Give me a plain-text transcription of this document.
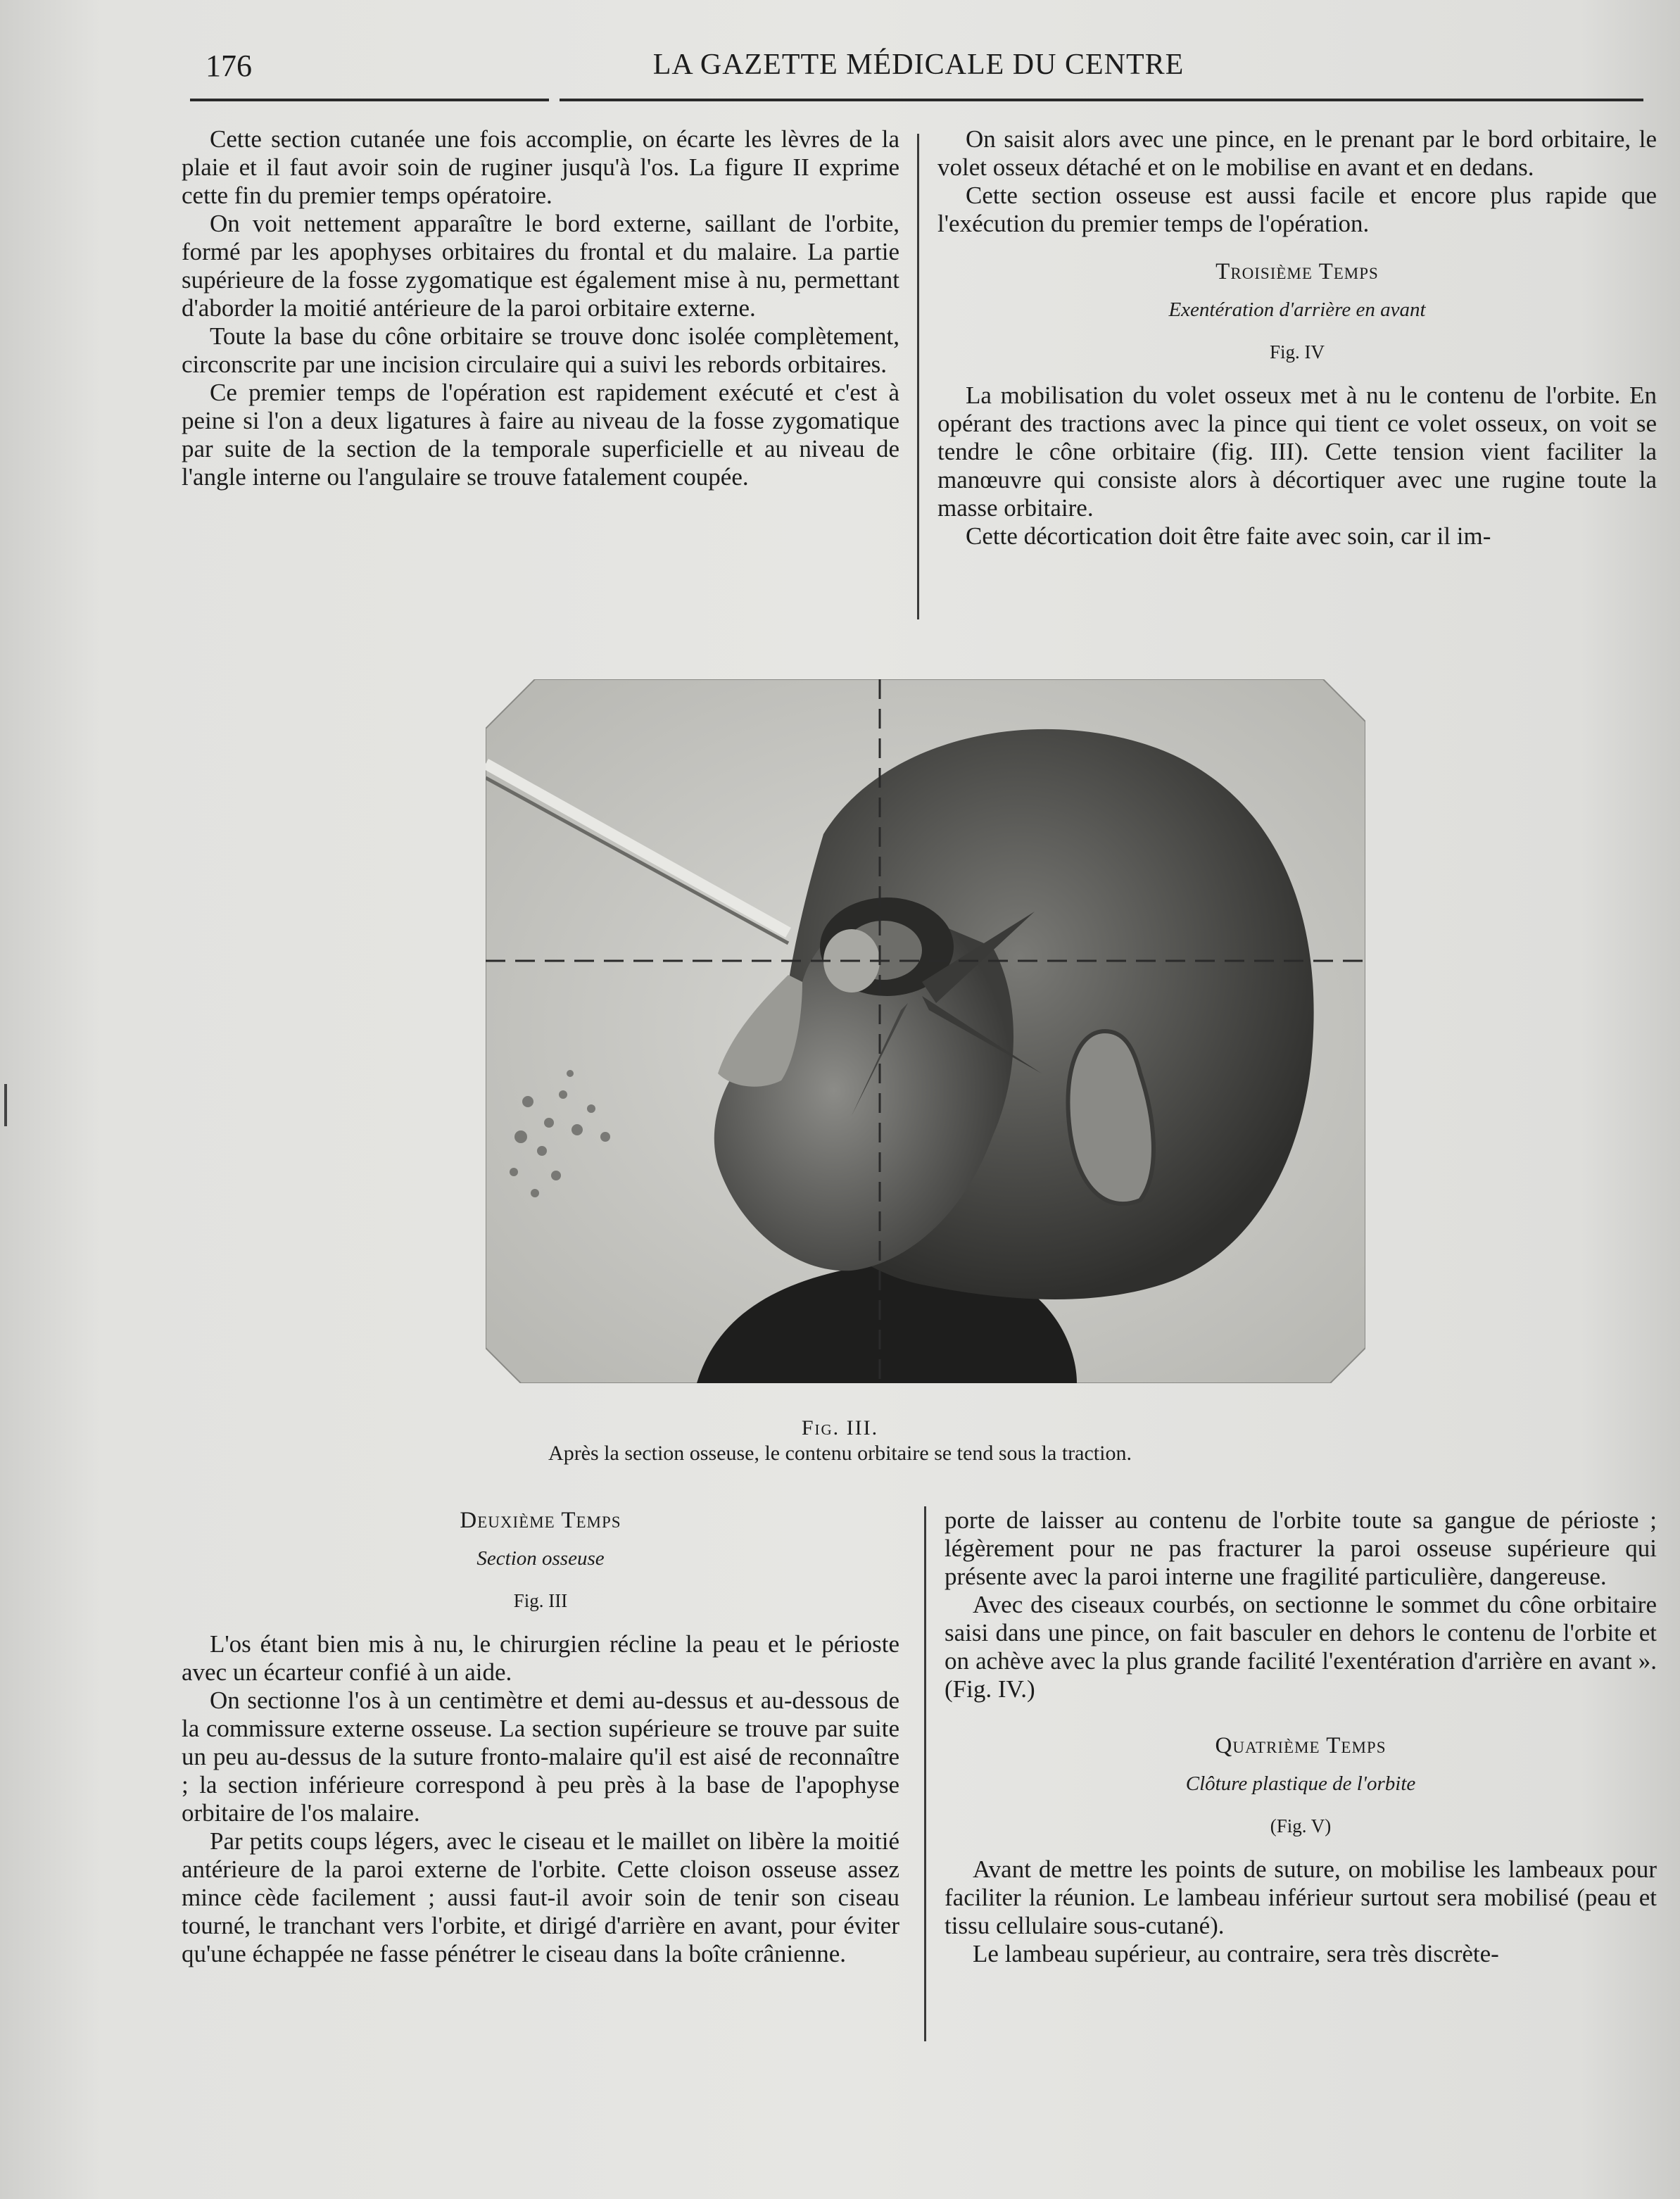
176	LA GAZETTE MÉDICALE DU CENTRE

Cette section cutanée une fois accomplie, on écarte les lèvres de la plaie et il faut avoir soin de ruginer jusqu'à l'os. La figure II exprime cette fin du premier temps opératoire.

On voit nettement apparaître le bord externe, saillant de l'orbite, formé par les apophyses orbitaires du frontal et du malaire. La partie supérieure de la fosse zygomatique est également mise à nu, permettant d'aborder la moitié antérieure de la paroi orbitaire externe.

Toute la base du cône orbitaire se trouve donc isolée complètement, circonscrite par une incision circulaire qui a suivi les rebords orbitaires.

Ce premier temps de l'opération est rapidement exécuté et c'est à peine si l'on a deux ligatures à faire au niveau de la fosse zygomatique par suite de la section de la temporale superficielle et au niveau de l'angle interne ou l'angulaire se trouve fatalement coupée.

On saisit alors avec une pince, en le prenant par le bord orbitaire, le volet osseux détaché et on le mobilise en avant et en dedans.

Cette section osseuse est aussi facile et encore plus rapide que l'exécution du premier temps de l'opération.

Troisième Temps
Exentération d'arrière en avant
Fig. IV

La mobilisation du volet osseux met à nu le contenu de l'orbite. En opérant des tractions avec la pince qui tient ce volet osseux, on voit se tendre le cône orbitaire (fig. III). Cette tension vient faciliter la manœuvre qui consiste alors à décortiquer avec une rugine toute la masse orbitaire.

Cette décortication doit être faite avec soin, car il im-

Fig. III.
Après la section osseuse, le contenu orbitaire se tend sous la traction.
Deuxième Temps
Section osseuse
Fig. III

L'os étant bien mis à nu, le chirurgien récline la peau et le périoste avec un écarteur confié à un aide.

On sectionne l'os à un centimètre et demi au-dessus et au-dessous de la commissure externe osseuse. La section supérieure se trouve par suite un peu au-dessus de la suture fronto-malaire qu'il est aisé de reconnaître ; la section inférieure correspond à peu près à la base de l'apophyse orbitaire de l'os malaire.

Par petits coups légers, avec le ciseau et le maillet on libère la moitié antérieure de la paroi externe de l'orbite. Cette cloison osseuse assez mince cède facilement ; aussi faut-il avoir soin de tenir son ciseau tourné, le tranchant vers l'orbite, et dirigé d'arrière en avant, pour éviter qu'une échappée ne fasse pénétrer le ciseau dans la boîte crânienne.

porte de laisser au contenu de l'orbite toute sa gangue de périoste ; légèrement pour ne pas fracturer la paroi osseuse supérieure qui présente avec la paroi interne une fragilité particulière, dangereuse.

Avec des ciseaux courbés, on sectionne le sommet du cône orbitaire saisi dans une pince, on fait basculer en dehors le contenu de l'orbite et on achève avec la plus grande facilité l'exentération d'arrière en avant ». (Fig. IV.)

Quatrième Temps
Clôture plastique de l'orbite
(Fig. V)

Avant de mettre les points de suture, on mobilise les lambeaux pour faciliter la réunion. Le lambeau inférieur surtout sera mobilisé (peau et tissu cellulaire sous-cutané).

Le lambeau supérieur, au contraire, sera très discrète-
